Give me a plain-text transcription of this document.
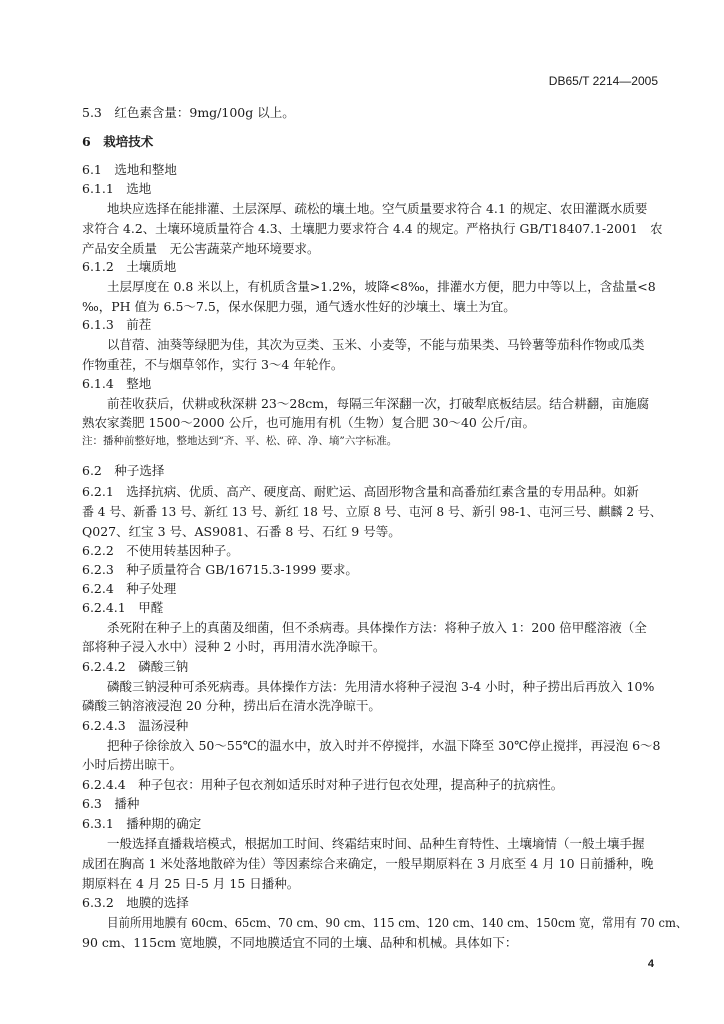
DB65/T 2214—2005
5.3　红色素含量：9mg/100g 以上。
6　栽培技术
6.1　选地和整地
6.1.1　选地
地块应选择在能排灌、土层深厚、疏松的壤土地。空气质量要求符合 4.1 的规定、农田灌溉水质要
求符合 4.2、土壤环境质量符合 4.3、土壤肥力要求符合 4.4 的规定。严格执行 GB/T18407.1-2001　农
产品安全质量　无公害蔬菜产地环境要求。
6.1.2　土壤质地
土层厚度在 0.8 米以上，有机质含量>1.2%，坡降<8‰，排灌水方便，肥力中等以上，含盐量<8
‰，PH 值为 6.5～7.5，保水保肥力强，通气透水性好的沙壤土、壤土为宜。
6.1.3　前茬
以苜蓿、油葵等绿肥为佳，其次为豆类、玉米、小麦等，不能与茄果类、马铃薯等茄科作物或瓜类
作物重茬，不与烟草邻作，实行 3～4 年轮作。
6.1.4　整地
前茬收获后，伏耕或秋深耕 23～28cm，每隔三年深翻一次，打破犁底板结层。结合耕翻，亩施腐
熟农家粪肥 1500～2000 公斤，也可施用有机（生物）复合肥 30～40 公斤/亩。
注：播种前整好地，整地达到“齐、平、松、碎、净、墒”六字标准。
6.2　种子选择
6.2.1　选择抗病、优质、高产、硬度高、耐贮运、高固形物含量和高番茄红素含量的专用品种。如新
番 4 号、新番 13 号、新红 13 号、新红 18 号、立原 8 号、屯河 8 号、新引 98-1、屯河三号、麒麟 2 号、
Q027、红宝 3 号、AS9081、石番 8 号、石红 9 号等。
6.2.2　不使用转基因种子。
6.2.3　种子质量符合 GB/16715.3-1999 要求。
6.2.4　种子处理
6.2.4.1　甲醛
杀死附在种子上的真菌及细菌，但不杀病毒。具体操作方法：将种子放入 1：200 倍甲醛溶液（全
部将种子浸入水中）浸种 2 小时，再用清水洗净晾干。
6.2.4.2　磷酸三钠
磷酸三钠浸种可杀死病毒。具体操作方法：先用清水将种子浸泡 3-4 小时，种子捞出后再放入 10%
磷酸三钠溶液浸泡 20 分种，捞出后在清水洗净晾干。
6.2.4.3　温汤浸种
把种子徐徐放入 50～55℃的温水中，放入时并不停搅拌，水温下降至 30℃停止搅拌，再浸泡 6～8
小时后捞出晾干。
6.2.4.4　种子包衣：用种子包衣剂如适乐时对种子进行包衣处理，提高种子的抗病性。
6.3　播种
6.3.1　播种期的确定
一般选择直播栽培模式，根据加工时间、终霜结束时间、品种生育特性、土壤墒情（一般土壤手握
成团在胸高 1 米处落地散碎为佳）等因素综合来确定，一般早期原料在 3 月底至 4 月 10 日前播种，晚
期原料在 4 月 25 日-5 月 15 日播种。
6.3.2　地膜的选择
目前所用地膜有 60cm、65cm、70 cm、90 cm、115 cm、120 cm、140 cm、150cm 宽，常用有 70 cm、
90 cm、115cm 宽地膜，不同地膜适宜不同的土壤、品种和机械。具体如下：
4
